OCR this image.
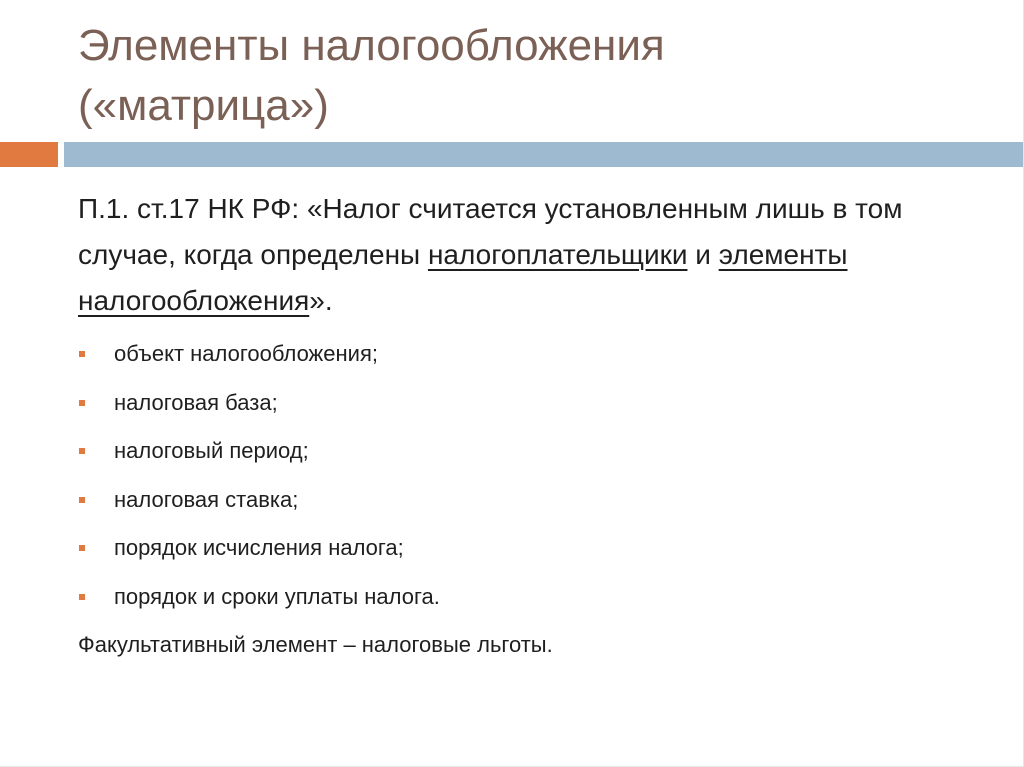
Элементы налогообложения
(«матрица»)

П.1. ст.17 НК РФ: «Налог считается установленным лишь в том случае, когда определены налогоплательщики и элементы налогообложения».

объект налогообложения;
налоговая база;
налоговый период;
налоговая ставка;
порядок исчисления налога;
порядок и сроки уплаты налога.

Факультативный элемент – налоговые льготы.
